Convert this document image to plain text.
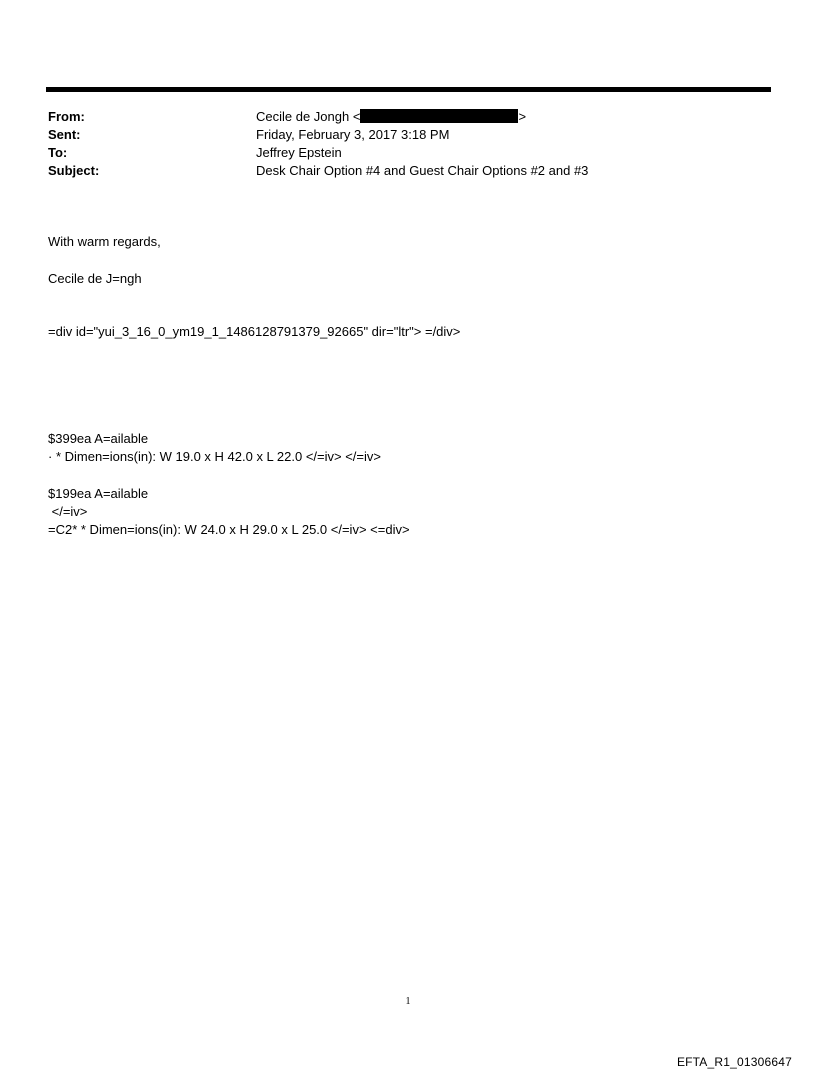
From:	Cecile de Jongh <	>
Sent:	Friday, February 3, 2017 3:18 PM
To:	Jeffrey Epstein
Subject:	Desk Chair Option #4 and Guest Chair Options #2 and #3
With warm regards,
Cecile de J=ngh
=div id="yui_3_16_0_ym19_1_1486128791379_92665" dir="ltr"> =/div>
$399ea A=ailable
· * Dimen=ions(in): W 19.0 x H 42.0 x L 22.0 </=iv> </=iv>
$199ea A=ailable
</=iv>
=C2* * Dimen=ions(in): W 24.0 x H 29.0 x L 25.0 </=iv> <=div>
1
EFTA_R1_01306647
